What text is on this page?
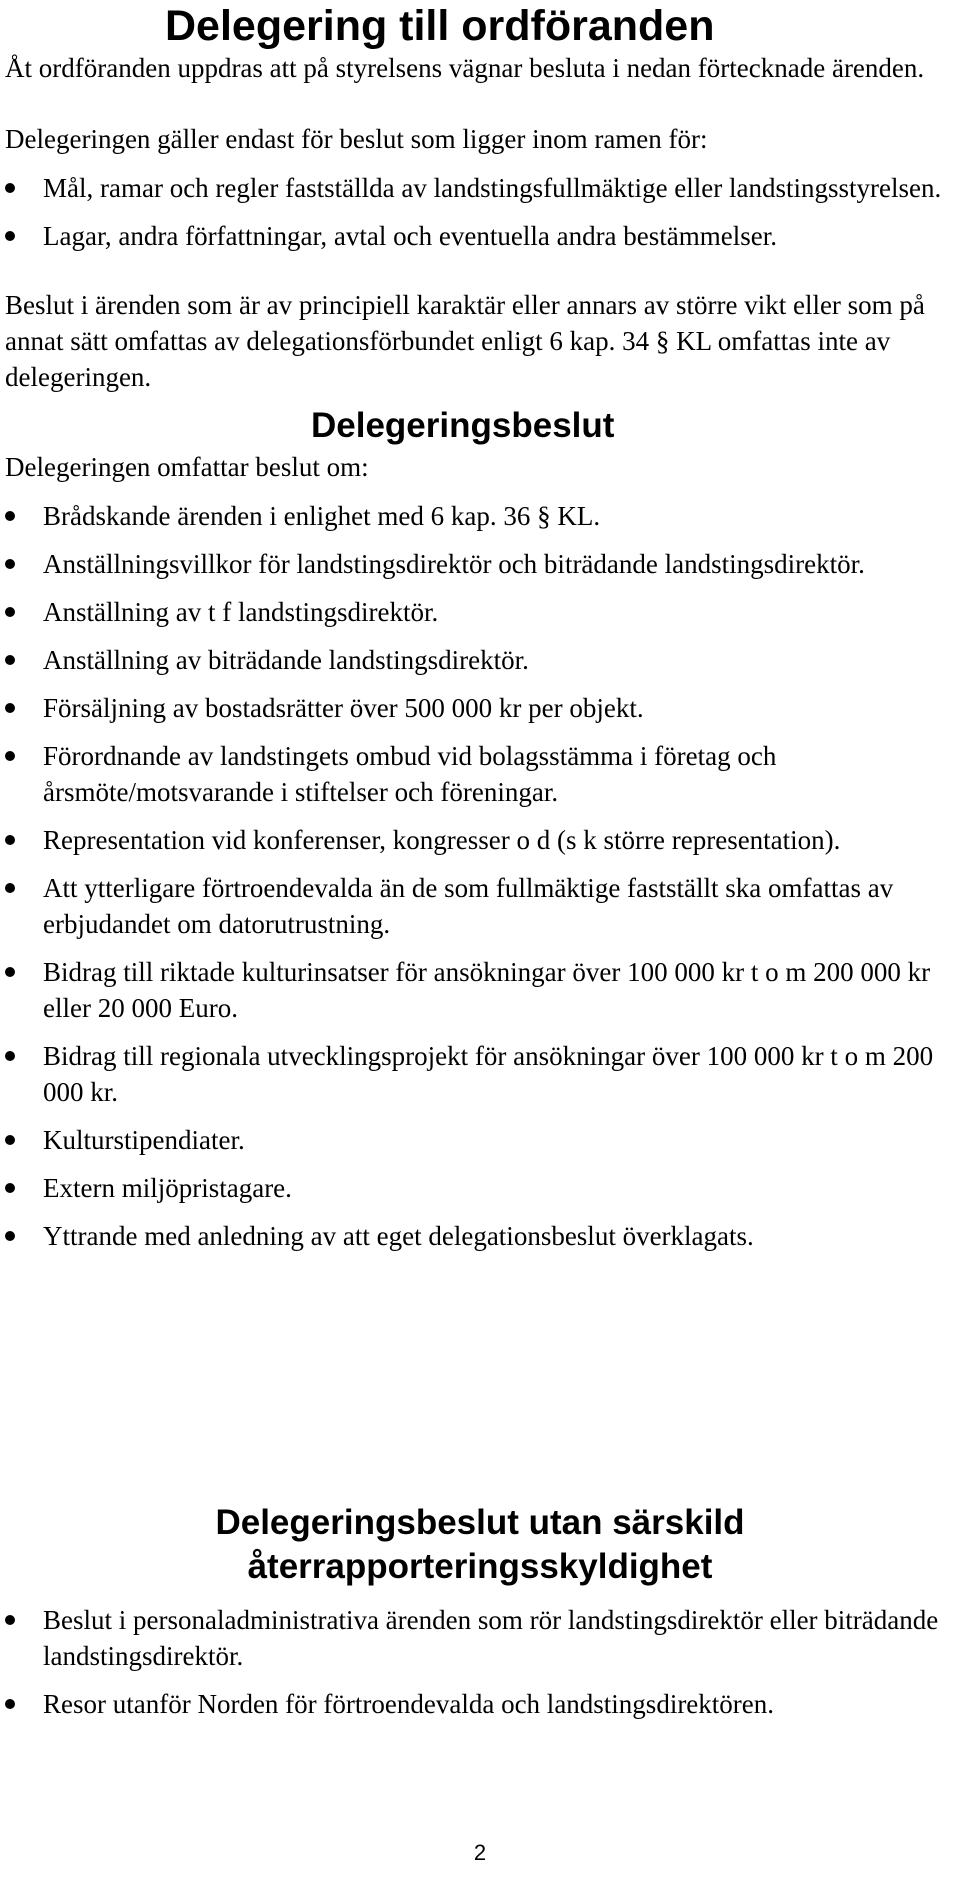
Delegering till ordföranden

Åt ordföranden uppdras att på styrelsens vägnar besluta i nedan förtecknade ärenden.

Delegeringen gäller endast för beslut som ligger inom ramen för:

Mål, ramar och regler fastställda av landstingsfullmäktige eller landstingsstyrelsen.
Lagar, andra författningar, avtal och eventuella andra bestämmelser.

Beslut i ärenden som är av principiell karaktär eller annars av större vikt eller som på annat sätt omfattas av delegationsförbundet enligt 6 kap. 34 § KL omfattas inte av delegeringen.

Delegeringsbeslut

Delegeringen omfattar beslut om:

Brådskande ärenden i enlighet med 6 kap. 36 § KL.
Anställningsvillkor för landstingsdirektör och biträdande landstingsdirektör.
Anställning av t f landstingsdirektör.
Anställning av biträdande landstingsdirektör.
Försäljning av bostadsrätter över 500 000 kr per objekt.
Förordnande av landstingets ombud vid bolagsstämma i företag och årsmöte/motsvarande i stiftelser och föreningar.
Representation vid konferenser, kongresser o d (s k större representation).
Att ytterligare förtroendevalda än de som fullmäktige fastställt ska omfattas av erbjudandet om datorutrustning.
Bidrag till riktade kulturinsatser för ansökningar över 100 000 kr t o m 200 000 kr eller 20 000 Euro.
Bidrag till regionala utvecklingsprojekt för ansökningar över 100 000 kr t o m 200 000 kr.
Kulturstipendiater.
Extern miljöpristagare.
Yttrande med anledning av att eget delegationsbeslut överklagats.
Delegeringsbeslut utan särskild
återrapporteringsskyldighet
Beslut i personaladministrativa ärenden som rör landstingsdirektör eller biträdande landstingsdirektör.
Resor utanför Norden för förtroendevalda och landstingsdirektören.
2
